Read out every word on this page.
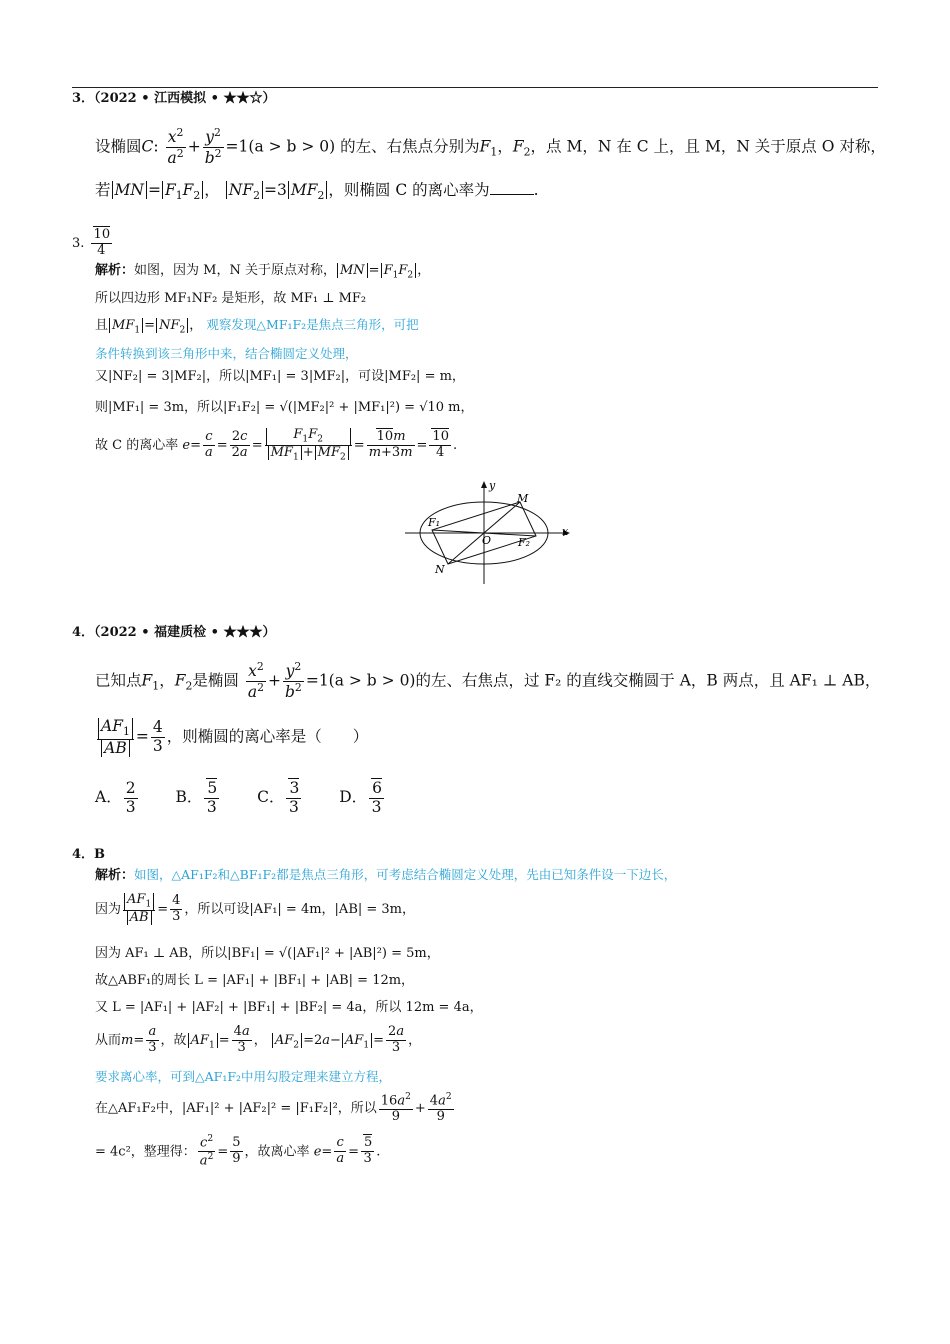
3．（2022 • 江西模拟 • ★★☆）
设椭圆C: $\frac{x^2}{a^2} + \frac{y^2}{b^2} =1(a > b > 0)$ 的左、右焦点分别为$F_1$，$F_2$，点 M，N 在 C 上，且 M，N 关于原点 O 对称，
若 MN = $F_1F_2$ ， $NF_2 =3$ $MF_2$ ，则椭圆 C 的离心率为	.
3. $\frac{10}{4}$
解析：如图，因为 M，N 关于原点对称， MN = $F_1F_2$ ，
所以四边形 MF₁NF₂ 是矩形，故 MF₁ ⊥ MF₂
且 $MF_1 = NF_2$ ， 观察发现△MF₁F₂是焦点三角形，可把
条件转换到该三角形中来，结合椭圆定义处理，
又|NF₂| = 3|MF₂|，所以|MF₁| = 3|MF₂|，可设|MF₂| = m，
则|MF₁| = 3m，所以|F₁F₂| = √(|MF₂|² + |MF₁|²) = √10 m，
故 C 的离心率 $e= \frac{c}{a} = \frac{2c}{2a} = \frac{F_1F_2}{MF_1 + MF_2} = \frac{10m}{m+3m} = \frac{10}{4}$ .
y
x
O
M
N
F₁
F₂
4．（2022 • 福建质检 • ★★★）
已知点$F_1$，$F_2$是椭圆 $\frac{x^2}{a^2} + \frac{y^2}{b^2} =1(a > b > 0)$的左、右焦点，过 F₂ 的直线交椭圆于 A，B 两点，且 AF₁ ⊥ AB，
$\frac{AF_1}{AB} = \frac{4}{3}$ ，则椭圆的离心率是（　　）
A． $\frac{2}{3}$ B． $\frac{5}{3}$ C． $\frac{3}{3}$ D． $\frac{6}{3}$
4．B
解析：如图，△AF₁F₂和△BF₁F₂都是焦点三角形，可考虑结合椭圆定义处理，先由已知条件设一下边长，
因为 $\frac{AF_1}{AB} = \frac{4}{3}$ ，所以可设|AF₁| = 4m，|AB| = 3m，
因为 AF₁ ⊥ AB，所以|BF₁| = √(|AF₁|² + |AB|²) = 5m，
故△ABF₁的周长 L = |AF₁| + |BF₁| + |AB| = 12m，
又 L = |AF₁| + |AF₂| + |BF₁| + |BF₂| = 4a，所以 12m = 4a，
从而$m= \frac{a}{3}$ ，故 $AF_1 = \frac{4a}{3}$ ， $AF_2 =2a- AF_1 = \frac{2a}{3}$ ，
要求离心率，可到△AF₁F₂中用勾股定理来建立方程，
在△AF₁F₂中，|AF₁|² + |AF₂|² = |F₁F₂|²，所以 $\frac{16a^2}{9} + \frac{4a^2}{9}$
= 4c²，整理得： $\frac{c^2}{a^2} = \frac{5}{9}$ ，故离心率 $e= \frac{c}{a} = \frac{5}{3}$ .
